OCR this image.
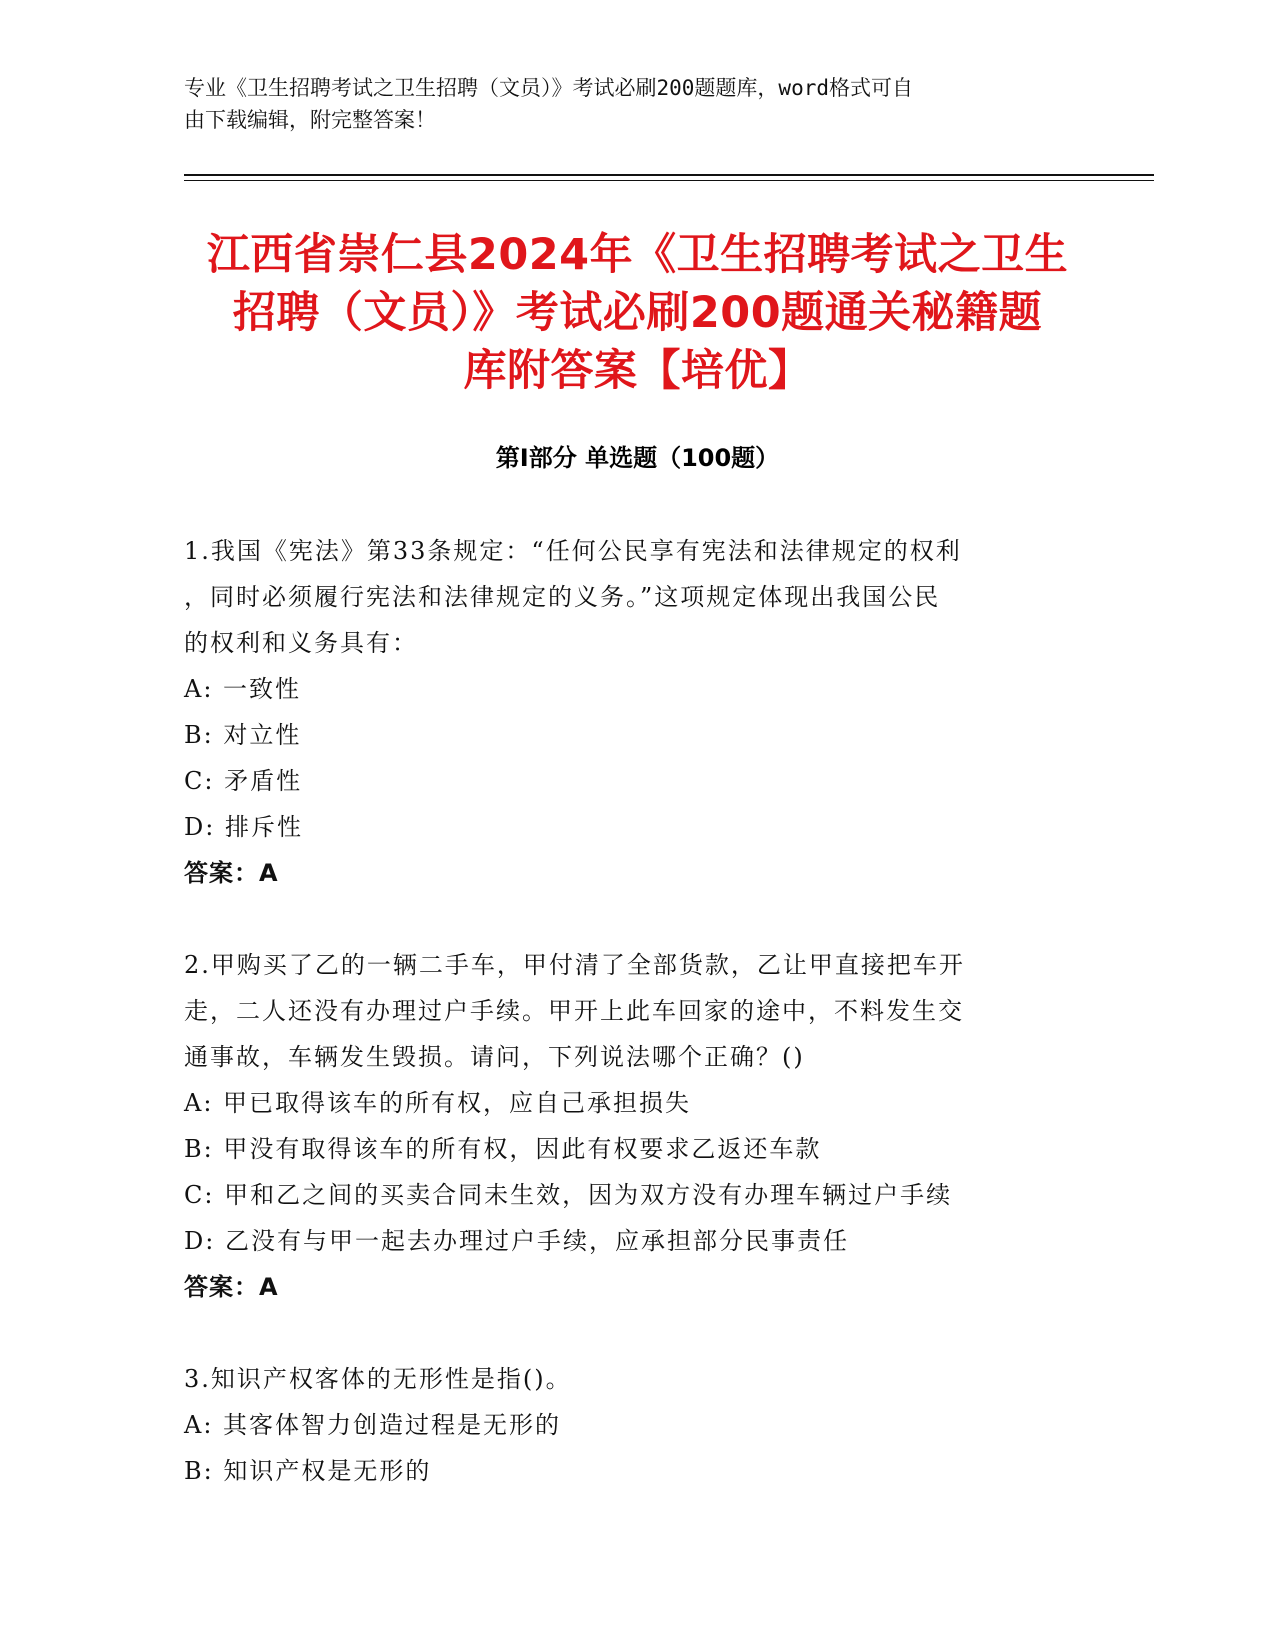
专业《卫生招聘考试之卫生招聘（文员）》考试必刷200题题库，word格式可自
由下载编辑，附完整答案！
江西省崇仁县2024年《卫生招聘考试之卫生
招聘（文员）》考试必刷200题通关秘籍题
库附答案【培优】
第I部分 单选题（100题）

1.我国《宪法》第33条规定：“任何公民享有宪法和法律规定的权利

，同时必须履行宪法和法律规定的义务。”这项规定体现出我国公民

的权利和义务具有：

A: 一致性

B: 对立性

C: 矛盾性

D: 排斥性

答案：A

2.甲购买了乙的一辆二手车，甲付清了全部货款，乙让甲直接把车开

走，二人还没有办理过户手续。甲开上此车回家的途中，不料发生交

通事故，车辆发生毁损。请问，下列说法哪个正确？()

A: 甲已取得该车的所有权，应自己承担损失

B: 甲没有取得该车的所有权，因此有权要求乙返还车款

C: 甲和乙之间的买卖合同未生效，因为双方没有办理车辆过户手续

D: 乙没有与甲一起去办理过户手续，应承担部分民事责任

答案：A

3.知识产权客体的无形性是指()。

A: 其客体智力创造过程是无形的

B: 知识产权是无形的
